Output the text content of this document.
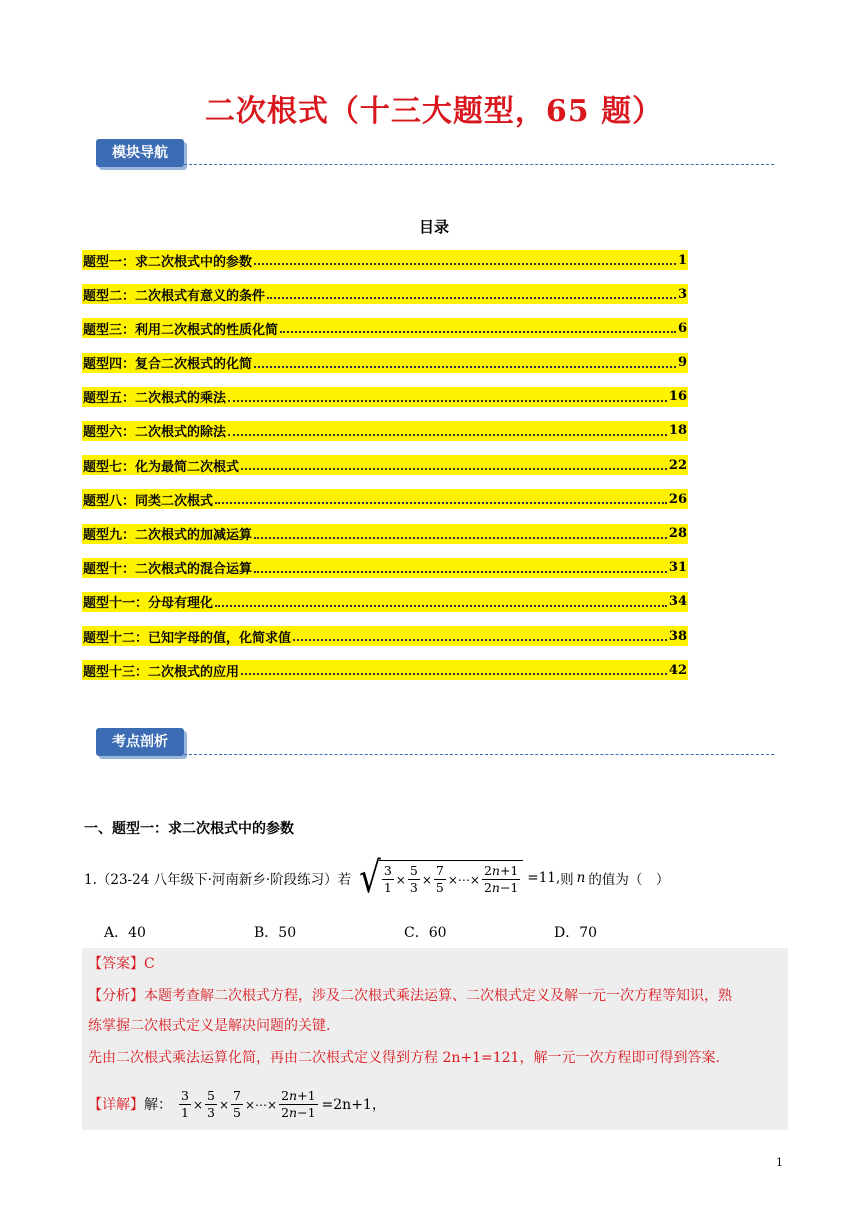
二次根式（十三大题型，65 题）
模块导航
目录
题型一：求二次根式中的参数	1
题型二：二次根式有意义的条件	3
题型三：利用二次根式的性质化简	6
题型四：复合二次根式的化简	9
题型五：二次根式的乘法	16
题型六：二次根式的除法	18
题型七：化为最简二次根式	22
题型八：同类二次根式	26
题型九：二次根式的加减运算	28
题型十：二次根式的混合运算	31
题型十一：分母有理化	34
题型十二：已知字母的值，化简求值	38
题型十三：二次根式的应用	42
考点剖析
一、题型一：求二次根式中的参数
1.（23-24 八年级下·河南新乡·阶段练习）若 √ $\frac{3}{1} \times \frac{5}{3} \times \frac{7}{5}$ ×⋯× $\frac{2n+1}{2n-1} =11$, 则 n 的值为（　）
A．40	B．50	C．60	D．70
【答案】C
【分析】本题考查解二次根式方程，涉及二次根式乘法运算、二次根式定义及解一元一次方程等知识，熟
练掌握二次根式定义是解决问题的关键.
先由二次根式乘法运算化简，再由二次根式定义得到方程 2n+1=121，解一元一次方程即可得到答案.
【详解】 解： $\frac{3}{1} \times \frac{5}{3} \times \frac{7}{5}$ ×⋯× $\frac{2n+1}{2n-1} =2n+1$，
1
